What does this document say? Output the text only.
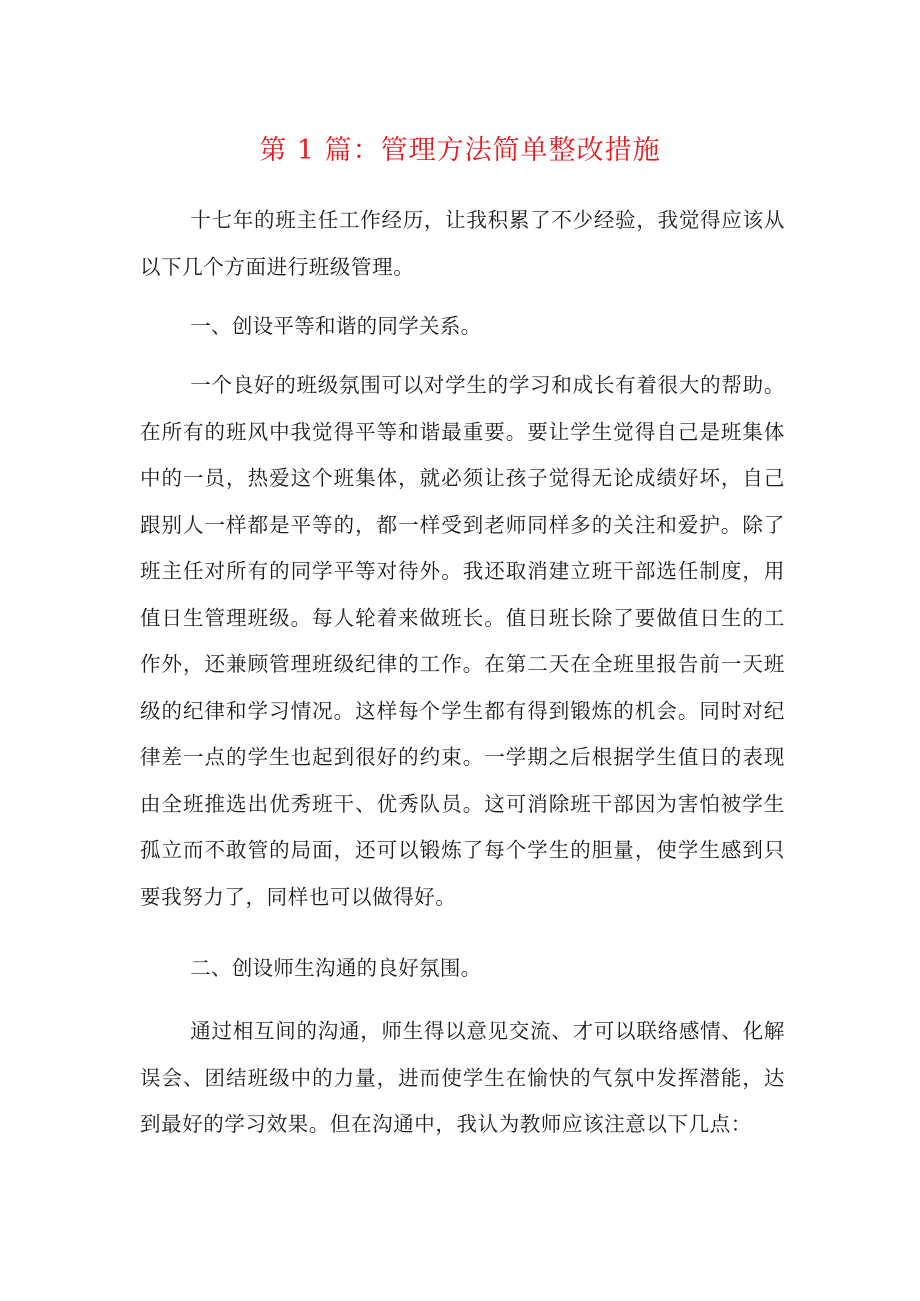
第 1 篇：管理方法简单整改措施
十七年的班主任工作经历，让我积累了不少经验，我觉得应该从以下几个方面进行班级管理。
一、创设平等和谐的同学关系。
一个良好的班级氛围可以对学生的学习和成长有着很大的帮助。在所有的班风中我觉得平等和谐最重要。要让学生觉得自己是班集体中的一员，热爱这个班集体，就必须让孩子觉得无论成绩好坏，自己跟别人一样都是平等的，都一样受到老师同样多的关注和爱护。除了班主任对所有的同学平等对待外。我还取消建立班干部选任制度，用值日生管理班级。每人轮着来做班长。值日班长除了要做值日生的工作外，还兼顾管理班级纪律的工作。在第二天在全班里报告前一天班级的纪律和学习情况。这样每个学生都有得到锻炼的机会。同时对纪律差一点的学生也起到很好的约束。一学期之后根据学生值日的表现由全班推选出优秀班干、优秀队员。这可消除班干部因为害怕被学生孤立而不敢管的局面，还可以锻炼了每个学生的胆量，使学生感到只要我努力了，同样也可以做得好。
二、创设师生沟通的良好氛围。
通过相互间的沟通，师生得以意见交流、才可以联络感情、化解误会、团结班级中的力量，进而使学生在愉快的气氛中发挥潜能，达到最好的学习效果。但在沟通中，我认为教师应该注意以下几点：
